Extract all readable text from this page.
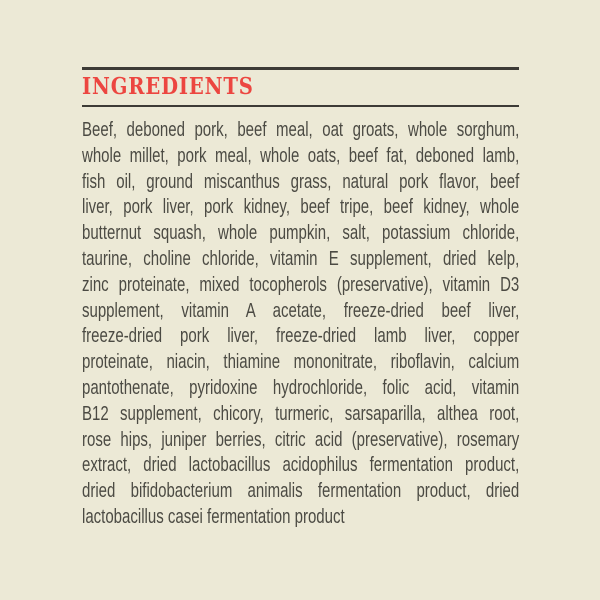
INGREDIENTS
Beef, deboned pork, beef meal, oat groats, whole sorghum,
whole millet, pork meal, whole oats, beef fat, deboned lamb,
fish oil, ground miscanthus grass, natural pork flavor, beef
liver, pork liver, pork kidney, beef tripe, beef kidney, whole
butternut squash, whole pumpkin, salt, potassium chloride,
taurine, choline chloride, vitamin E supplement, dried kelp,
zinc proteinate, mixed tocopherols (preservative), vitamin D3
supplement, vitamin A acetate, freeze-dried beef liver,
freeze-dried pork liver, freeze-dried lamb liver, copper
proteinate, niacin, thiamine mononitrate, riboflavin, calcium
pantothenate, pyridoxine hydrochloride, folic acid, vitamin
B12 supplement, chicory, turmeric, sarsaparilla, althea root,
rose hips, juniper berries, citric acid (preservative), rosemary
extract, dried lactobacillus acidophilus fermentation product,
dried bifidobacterium animalis fermentation product, dried
lactobacillus casei fermentation product
